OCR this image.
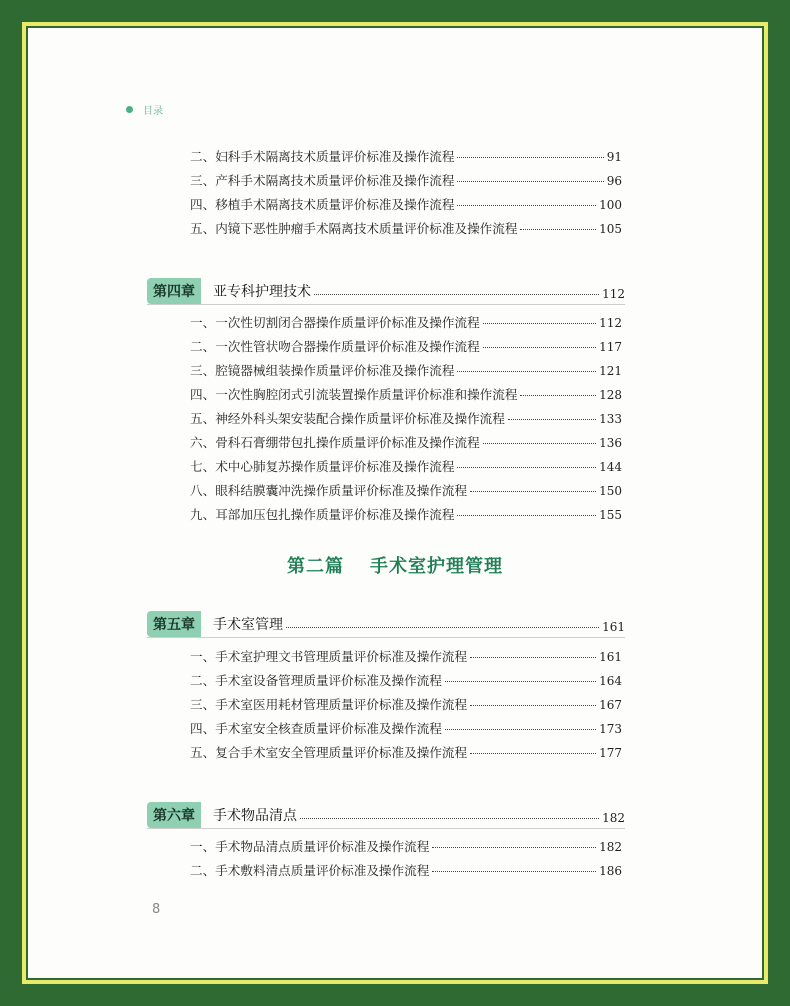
目录
二、妇科手术隔离技术质量评价标准及操作流程	91
三、产科手术隔离技术质量评价标准及操作流程	96
四、移植手术隔离技术质量评价标准及操作流程	100
五、内镜下恶性肿瘤手术隔离技术质量评价标准及操作流程	105
第四章	亚专科护理技术	112
一、一次性切割闭合器操作质量评价标准及操作流程	112
二、一次性管状吻合器操作质量评价标准及操作流程	117
三、腔镜器械组装操作质量评价标准及操作流程	121
四、一次性胸腔闭式引流装置操作质量评价标准和操作流程	128
五、神经外科头架安装配合操作质量评价标准及操作流程	133
六、骨科石膏绷带包扎操作质量评价标准及操作流程	136
七、术中心肺复苏操作质量评价标准及操作流程	144
八、眼科结膜囊冲洗操作质量评价标准及操作流程	150
九、耳部加压包扎操作质量评价标准及操作流程	155
第二篇 手术室护理管理
第五章	手术室管理	161
一、手术室护理文书管理质量评价标准及操作流程	161
二、手术室设备管理质量评价标准及操作流程	164
三、手术室医用耗材管理质量评价标准及操作流程	167
四、手术室安全核查质量评价标准及操作流程	173
五、复合手术室安全管理质量评价标准及操作流程	177
第六章	手术物品清点	182
一、手术物品清点质量评价标准及操作流程	182
二、手术敷料清点质量评价标准及操作流程	186
8
